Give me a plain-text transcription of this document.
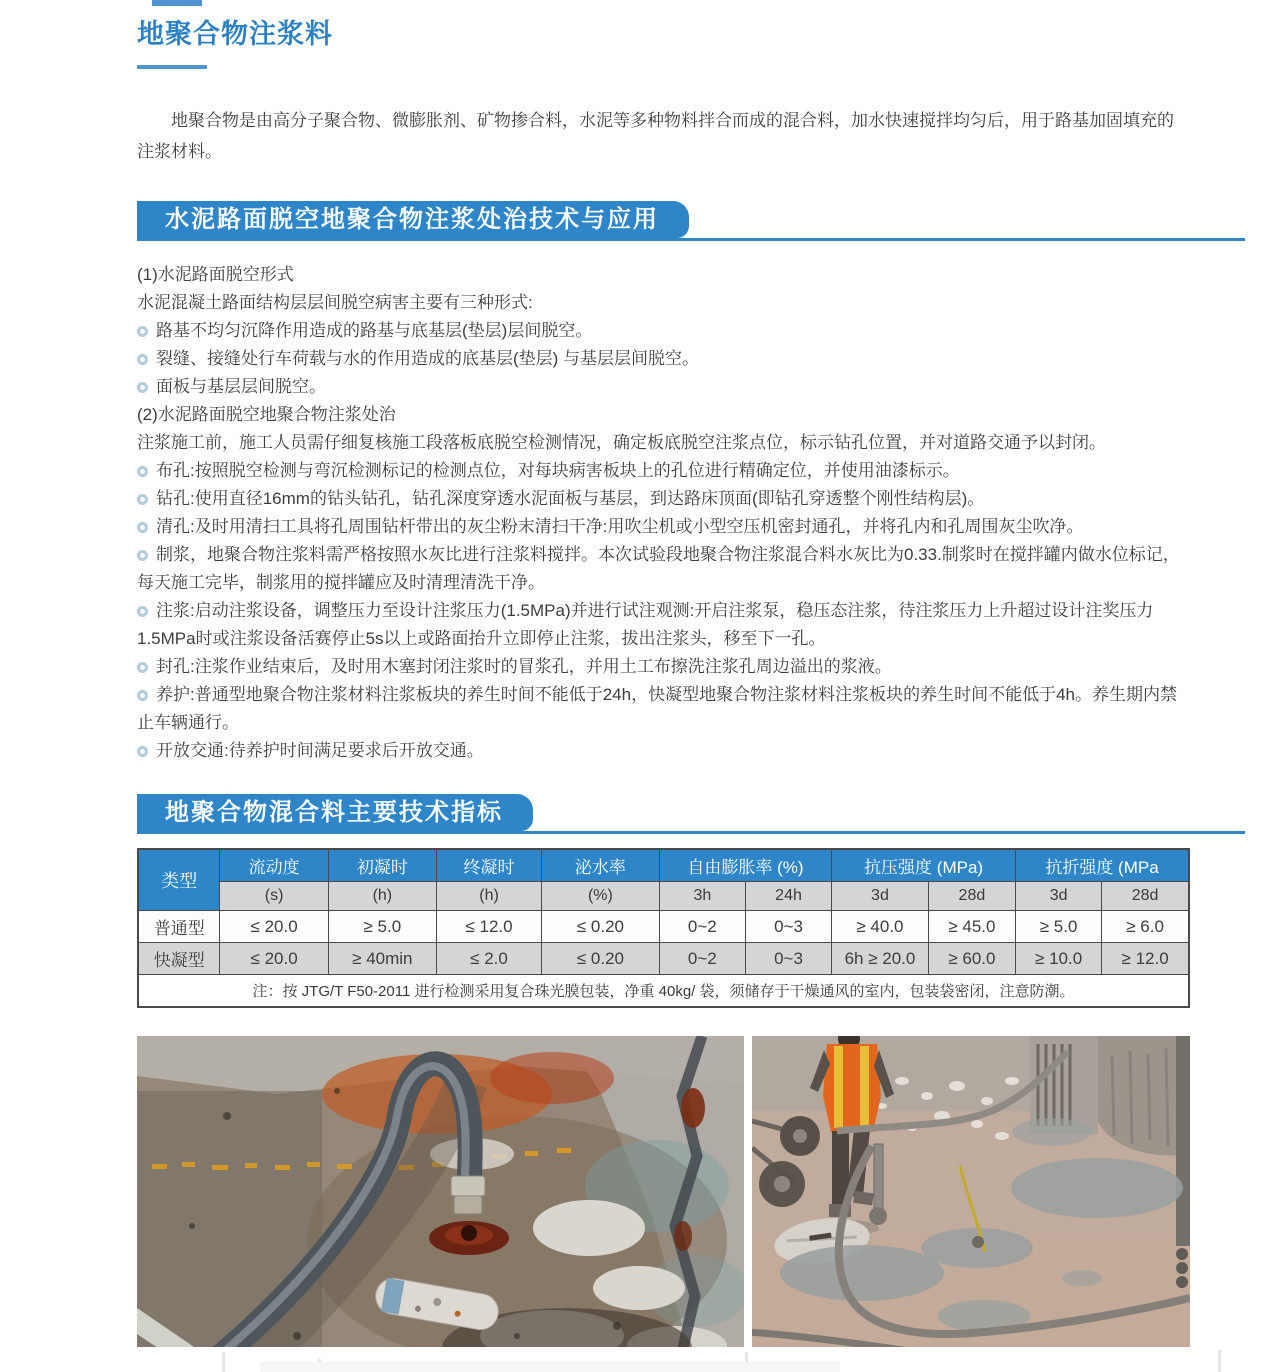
地聚合物注浆料

地聚合物是由高分子聚合物、微膨胀剂、矿物掺合料，水泥等多种物料拌合而成的混合料，加水快速搅拌均匀后，用于路基加固填充的注浆材料。

水泥路面脱空地聚合物注浆处治技术与应用
(1)水泥路面脱空形式
水泥混凝土路面结构层层间脱空病害主要有三种形式:
路基不均匀沉降作用造成的路基与底基层(垫层)层间脱空。
裂缝、接缝处行车荷载与水的作用造成的底基层(垫层) 与基层层间脱空。
面板与基层层间脱空。
(2)水泥路面脱空地聚合物注浆处治
注浆施工前，施工人员需仔细复核施工段落板底脱空检测情况，确定板底脱空注浆点位，标示钻孔位置，并对道路交通予以封闭。
布孔:按照脱空检测与弯沉检测标记的检测点位，对每块病害板块上的孔位进行精确定位，并使用油漆标示。
钻孔:使用直径16mm的钻头钻孔，钻孔深度穿透水泥面板与基层，到达路床顶面(即钻孔穿透整个刚性结构层)。
清孔:及时用清扫工具将孔周围钻杆带出的灰尘粉末清扫干净:用吹尘机或小型空压机密封通孔，并将孔内和孔周围灰尘吹净。
制浆，地聚合物注浆料需严格按照水灰比进行注浆料搅拌。本次试验段地聚合物注浆混合料水灰比为0.33.制浆时在搅拌罐内做水位标记，每天施工完毕，制浆用的搅拌罐应及时清理清洗干净。
注浆:启动注浆设备，调整压力至设计注浆压力(1.5MPa)并进行试注观测:开启注浆泵，稳压态注浆，待注浆压力上升超过设计注奖压力1.5MPa时或注浆设备活赛停止5s以上或路面抬升立即停止注浆，拔出注浆头，移至下一孔。
封孔:注浆作业结束后，及时用木塞封闭注浆时的冒浆孔，并用土工布擦洗注浆孔周边溢出的浆液。
养护:普通型地聚合物注浆材料注浆板块的养生时间不能低于24h，快凝型地聚合物注浆材料注浆板块的养生时间不能低于4h。养生期内禁止车辆通行。
开放交通:待养护时间满足要求后开放交通。
地聚合物混合料主要技术指标
类型	流动度	初凝时	终凝时	泌水率	自由膨胀率 (%)		抗压强度 (MPa)		抗折强度 (MPa	
	(s)	(h)	(h)	(%)	3h	24h	3d	28d	3d	28d
普通型	≤ 20.0	≥ 5.0	≤ 12.0	≤ 0.20	0~2	0~3	≥ 40.0	≥ 45.0	≥ 5.0	≥ 6.0
快凝型	≤ 20.0	≥ 40min	≤ 2.0	≤ 0.20	0~2	0~3	6h ≥ 20.0	≥ 60.0	≥ 10.0	≥ 12.0
注：按 JTG/T F50-2011 进行检测采用复合珠光膜包装，净重 40kg/ 袋，须储存于干燥通风的室内，包装袋密闭，注意防潮。										
